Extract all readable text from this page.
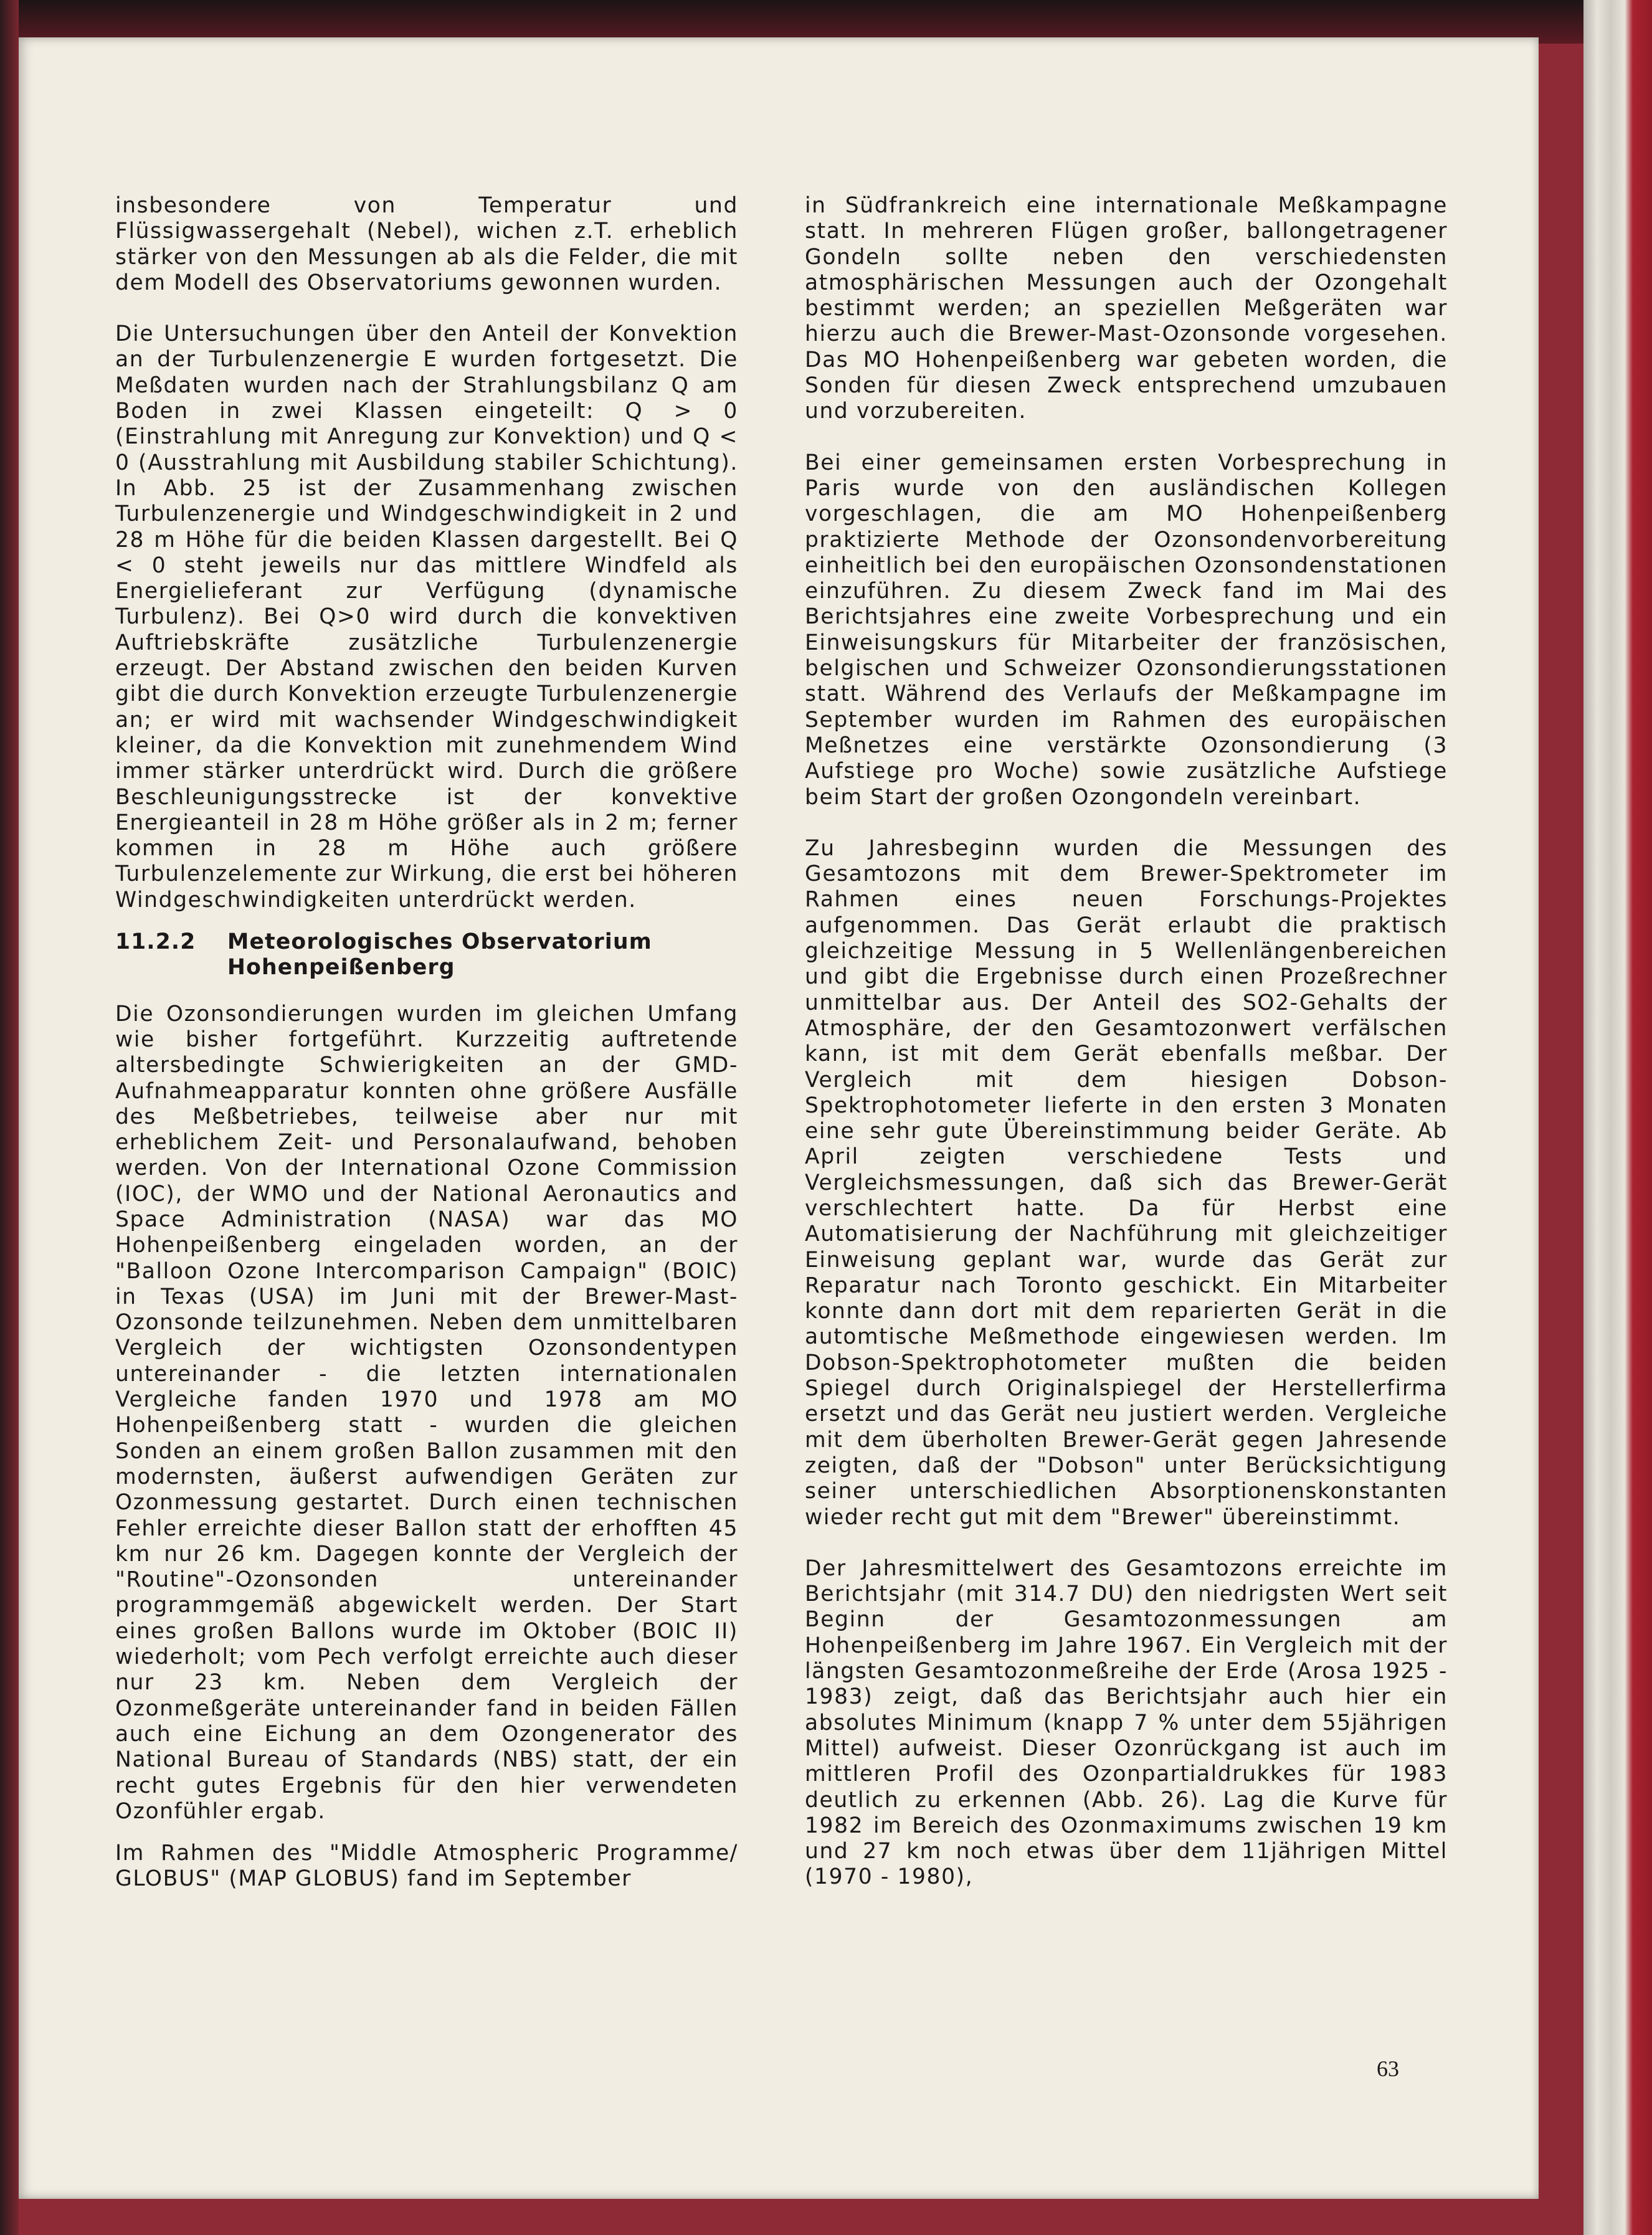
insbesondere von Temperatur und Flüssigwassergehalt (Nebel), wichen z.T. erheblich stärker von den Messungen ab als die Felder, die mit dem Modell des Observatoriums gewonnen wurden.

Die Untersuchungen über den Anteil der Konvektion an der Turbulenzenergie E wurden fortgesetzt. Die Meßdaten wurden nach der Strahlungsbilanz Q am Boden in zwei Klassen eingeteilt: Q > 0 (Einstrahlung mit Anregung zur Konvektion) und Q < 0 (Ausstrahlung mit Ausbildung stabiler Schichtung). In Abb. 25 ist der Zusammenhang zwischen Turbulenzenergie und Windgeschwindigkeit in 2 und 28 m Höhe für die beiden Klassen dargestellt. Bei Q < 0 steht jeweils nur das mittlere Windfeld als Energielieferant zur Verfügung (dynamische Turbulenz). Bei Q>0 wird durch die konvektiven Auftriebskräfte zusätzliche Turbulenzenergie erzeugt. Der Abstand zwischen den beiden Kurven gibt die durch Konvektion erzeugte Turbulenzenergie an; er wird mit wachsender Windgeschwindigkeit kleiner, da die Konvektion mit zunehmendem Wind immer stärker unterdrückt wird. Durch die größere Beschleunigungsstrecke ist der konvektive Energieanteil in 28 m Höhe größer als in 2 m; ferner kommen in 28 m Höhe auch größere Turbulenzelemente zur Wirkung, die erst bei höheren Windgeschwindigkeiten unterdrückt werden.

11.2.2	Meteorologisches Observatorium Hohenpeißenberg

Die Ozonsondierungen wurden im gleichen Umfang wie bisher fortgeführt. Kurzzeitig auftretende altersbedingte Schwierigkeiten an der GMD-Aufnahmeapparatur konnten ohne größere Ausfälle des Meßbetriebes, teilweise aber nur mit erheblichem Zeit- und Personalaufwand, behoben werden. Von der International Ozone Commission (IOC), der WMO und der National Aeronautics and Space Administration (NASA) war das MO Hohenpeißenberg eingeladen worden, an der "Balloon Ozone Intercomparison Campaign" (BOIC) in Texas (USA) im Juni mit der Brewer-Mast-Ozonsonde teilzunehmen. Neben dem unmittelbaren Vergleich der wichtigsten Ozonsondentypen untereinander - die letzten internationalen Vergleiche fanden 1970 und 1978 am MO Hohenpeißenberg statt - wurden die gleichen Sonden an einem großen Ballon zusammen mit den modernsten, äußerst aufwendigen Geräten zur Ozonmessung gestartet. Durch einen technischen Fehler erreichte dieser Ballon statt der erhofften 45 km nur 26 km. Dagegen konnte der Vergleich der "Routine"-Ozonsonden untereinander programmgemäß abgewickelt werden. Der Start eines großen Ballons wurde im Oktober (BOIC II) wiederholt; vom Pech verfolgt erreichte auch dieser nur 23 km. Neben dem Vergleich der Ozonmeßgeräte untereinander fand in beiden Fällen auch eine Eichung an dem Ozongenerator des National Bureau of Standards (NBS) statt, der ein recht gutes Ergebnis für den hier verwendeten Ozonfühler ergab.

Im Rahmen des "Middle Atmospheric Programme/ GLOBUS" (MAP GLOBUS) fand im September

in Südfrankreich eine internationale Meßkampagne statt. In mehreren Flügen großer, ballongetragener Gondeln sollte neben den verschiedensten atmosphärischen Messungen auch der Ozongehalt bestimmt werden; an speziellen Meßgeräten war hierzu auch die Brewer-Mast-Ozonsonde vorgesehen. Das MO Hohenpeißenberg war gebeten worden, die Sonden für diesen Zweck entsprechend umzubauen und vorzubereiten.

Bei einer gemeinsamen ersten Vorbesprechung in Paris wurde von den ausländischen Kollegen vorgeschlagen, die am MO Hohenpeißenberg praktizierte Methode der Ozonsondenvorbereitung einheitlich bei den europäischen Ozonsondenstationen einzuführen. Zu diesem Zweck fand im Mai des Berichtsjahres eine zweite Vorbesprechung und ein Einweisungskurs für Mitarbeiter der französischen, belgischen und Schweizer Ozonsondierungsstationen statt. Während des Verlaufs der Meßkampagne im September wurden im Rahmen des europäischen Meßnetzes eine verstärkte Ozonsondierung (3 Aufstiege pro Woche) sowie zusätzliche Aufstiege beim Start der großen Ozongondeln vereinbart.

Zu Jahresbeginn wurden die Messungen des Gesamtozons mit dem Brewer-Spektrometer im Rahmen eines neuen Forschungs-Projektes aufgenommen. Das Gerät erlaubt die praktisch gleichzeitige Messung in 5 Wellenlängenbereichen und gibt die Ergebnisse durch einen Prozeßrechner unmittelbar aus. Der Anteil des SO2-Gehalts der Atmosphäre, der den Gesamtozonwert verfälschen kann, ist mit dem Gerät ebenfalls meßbar. Der Vergleich mit dem hiesigen Dobson-Spektrophotometer lieferte in den ersten 3 Monaten eine sehr gute Übereinstimmung beider Geräte. Ab April zeigten verschiedene Tests und Vergleichsmessungen, daß sich das Brewer-Gerät verschlechtert hatte. Da für Herbst eine Automatisierung der Nachführung mit gleichzeitiger Einweisung geplant war, wurde das Gerät zur Reparatur nach Toronto geschickt. Ein Mitarbeiter konnte dann dort mit dem reparierten Gerät in die automtische Meßmethode eingewiesen werden. Im Dobson-Spektrophotometer mußten die beiden Spiegel durch Originalspiegel der Herstellerfirma ersetzt und das Gerät neu justiert werden. Vergleiche mit dem überholten Brewer-Gerät gegen Jahresende zeigten, daß der "Dobson" unter Berücksichtigung seiner unterschiedlichen Absorptionenskonstanten wieder recht gut mit dem "Brewer" übereinstimmt.

Der Jahresmittelwert des Gesamtozons erreichte im Berichtsjahr (mit 314.7 DU) den niedrigsten Wert seit Beginn der Gesamtozonmessungen am Hohenpeißenberg im Jahre 1967. Ein Vergleich mit der längsten Gesamtozonmeßreihe der Erde (Arosa 1925 - 1983) zeigt, daß das Berichtsjahr auch hier ein absolutes Minimum (knapp 7 % unter dem 55jährigen Mittel) aufweist. Dieser Ozonrückgang ist auch im mittleren Profil des Ozonpartialdrukkes für 1983 deutlich zu erkennen (Abb. 26). Lag die Kurve für 1982 im Bereich des Ozonmaximums zwischen 19 km und 27 km noch etwas über dem 11jährigen Mittel (1970 - 1980),

63
